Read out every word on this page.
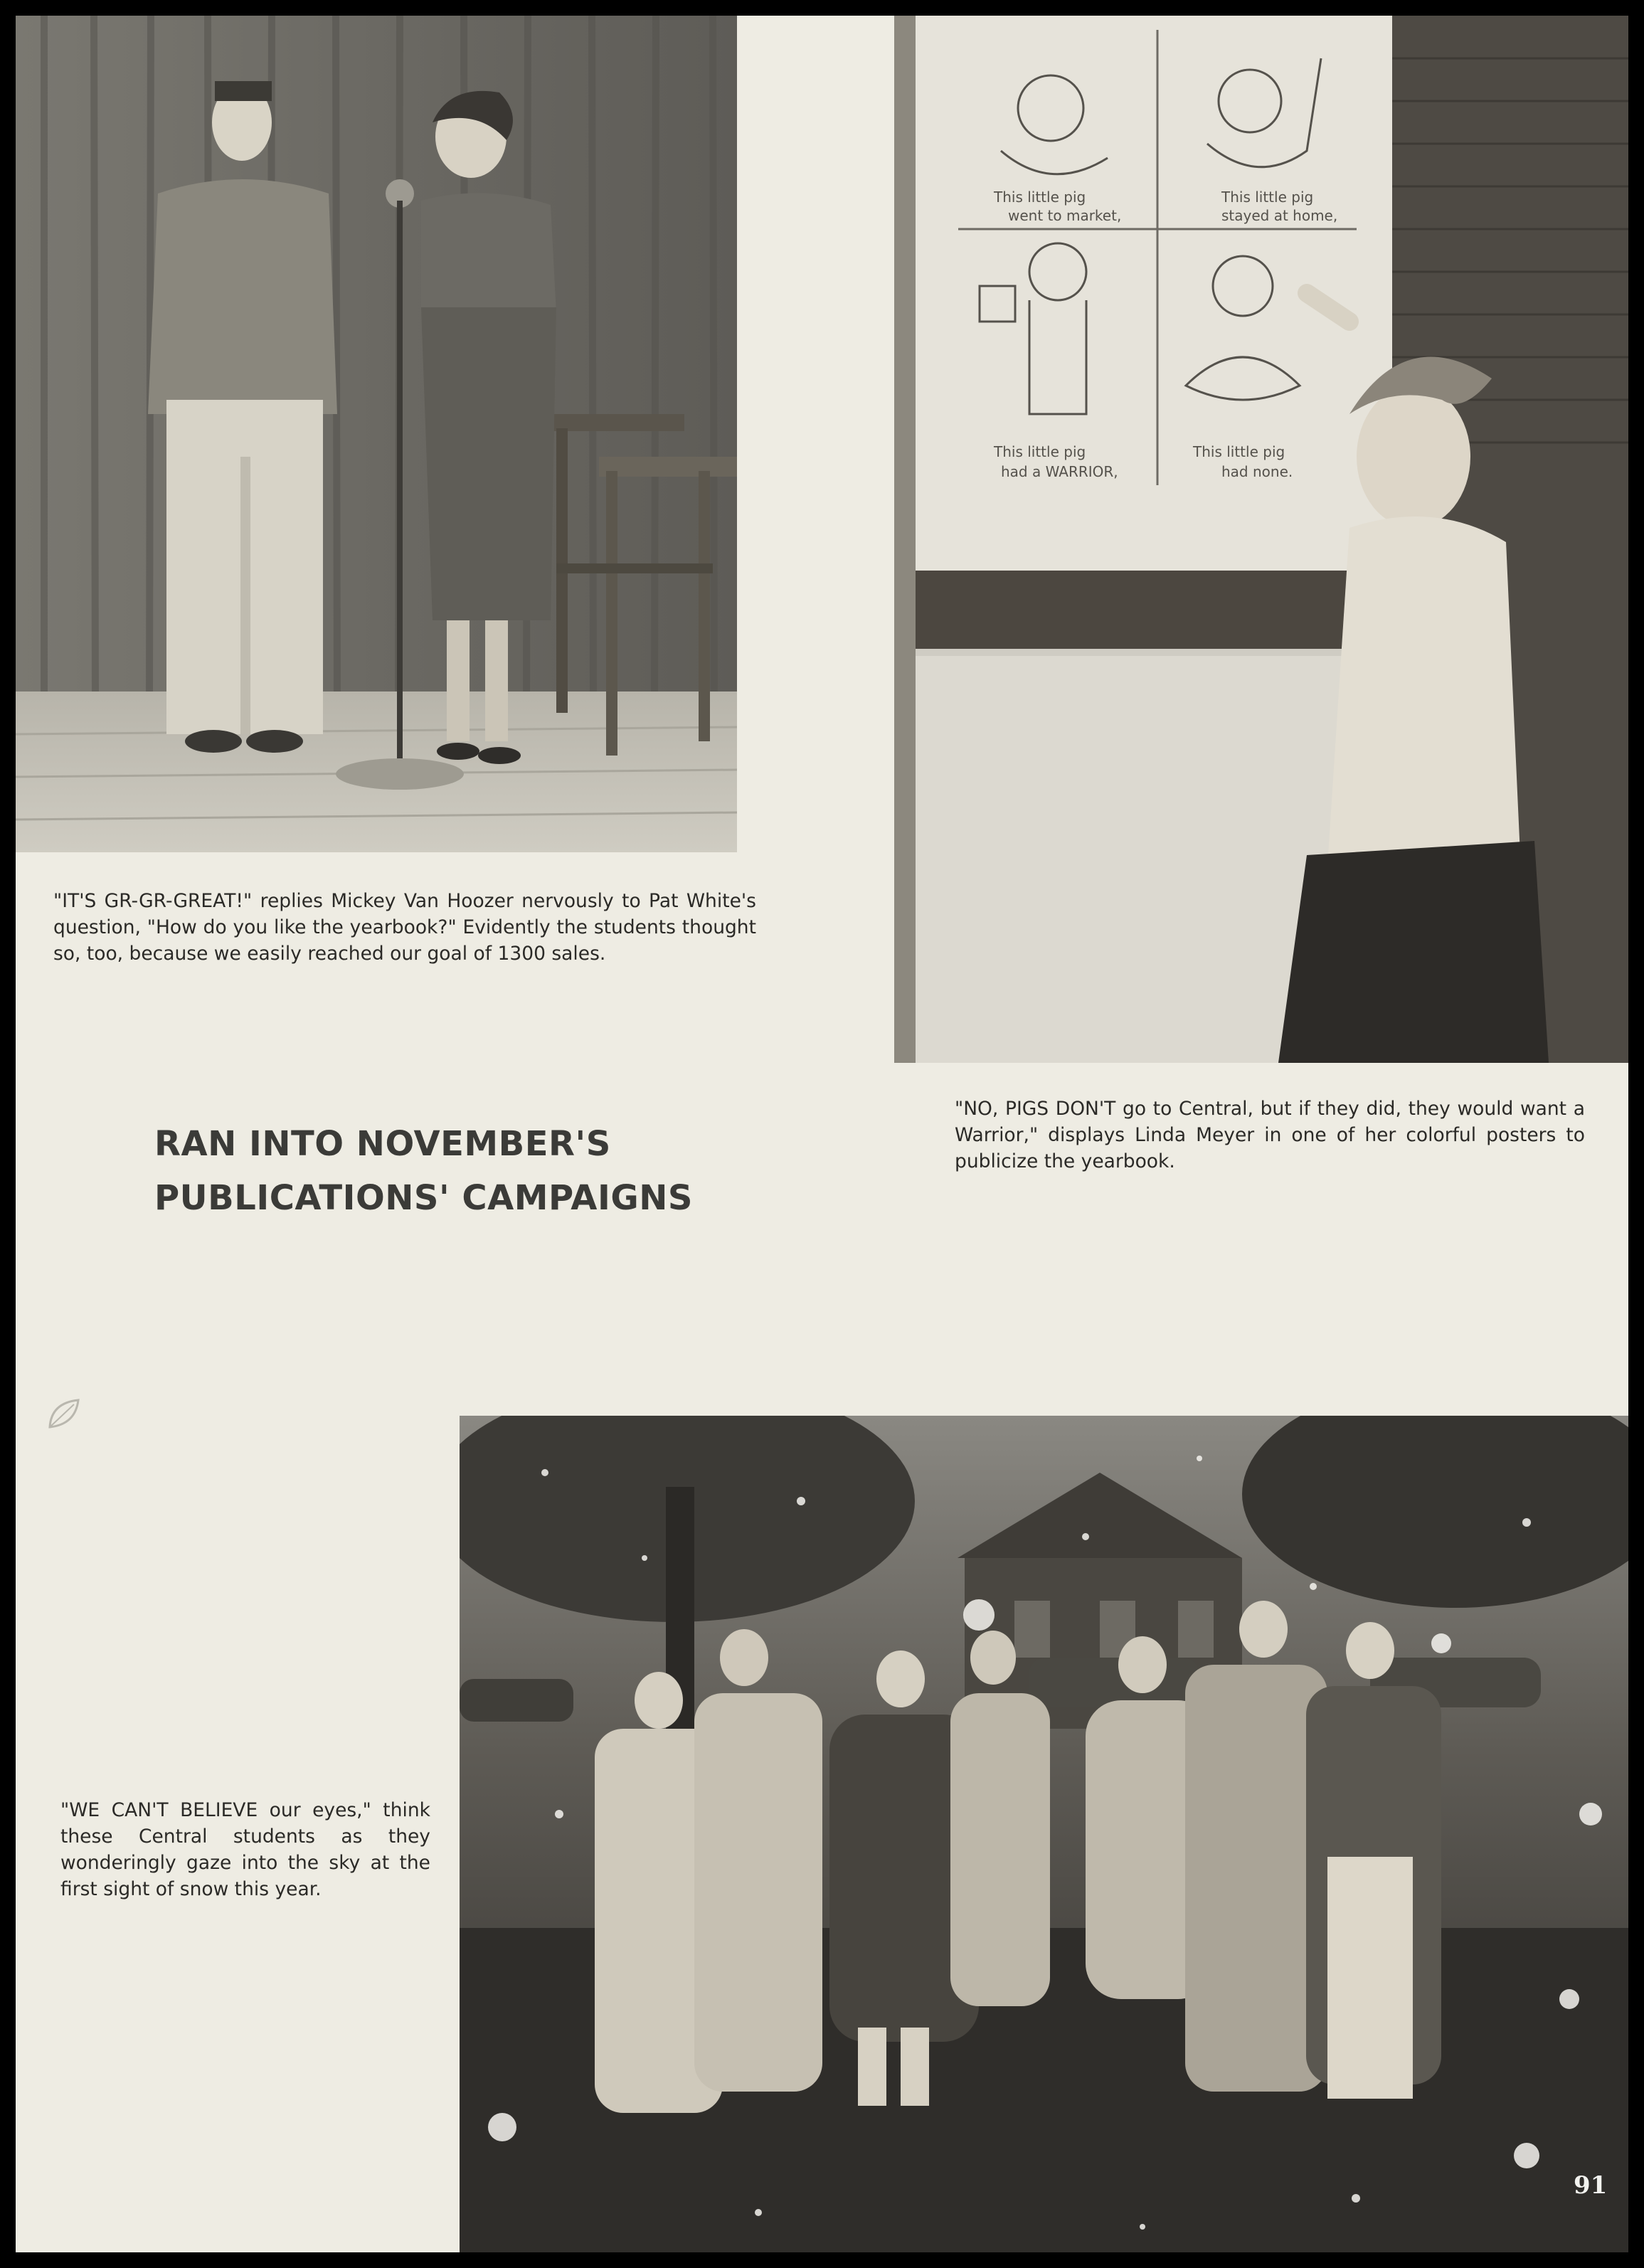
This little pig
went to market,
This little pig
stayed at home,
This little pig
had a WARRIOR,
This little pig
had none.

"IT'S GR-GR-GREAT!" replies Mickey Van Hoozer nervously to Pat White's question, "How do you like the yearbook?" Evidently the students thought so, too, because we easily reached our goal of 1300 sales.

"NO, PIGS DON'T go to Central, but if they did, they would want a Warrior," displays Linda Meyer in one of her colorful posters to publicize the yearbook.

"WE CAN'T BELIEVE our eyes," think these Central students as they wonderingly gaze into the sky at the first sight of snow this year.

RAN INTO NOVEMBER'S
PUBLICATIONS' CAMPAIGNS
91
